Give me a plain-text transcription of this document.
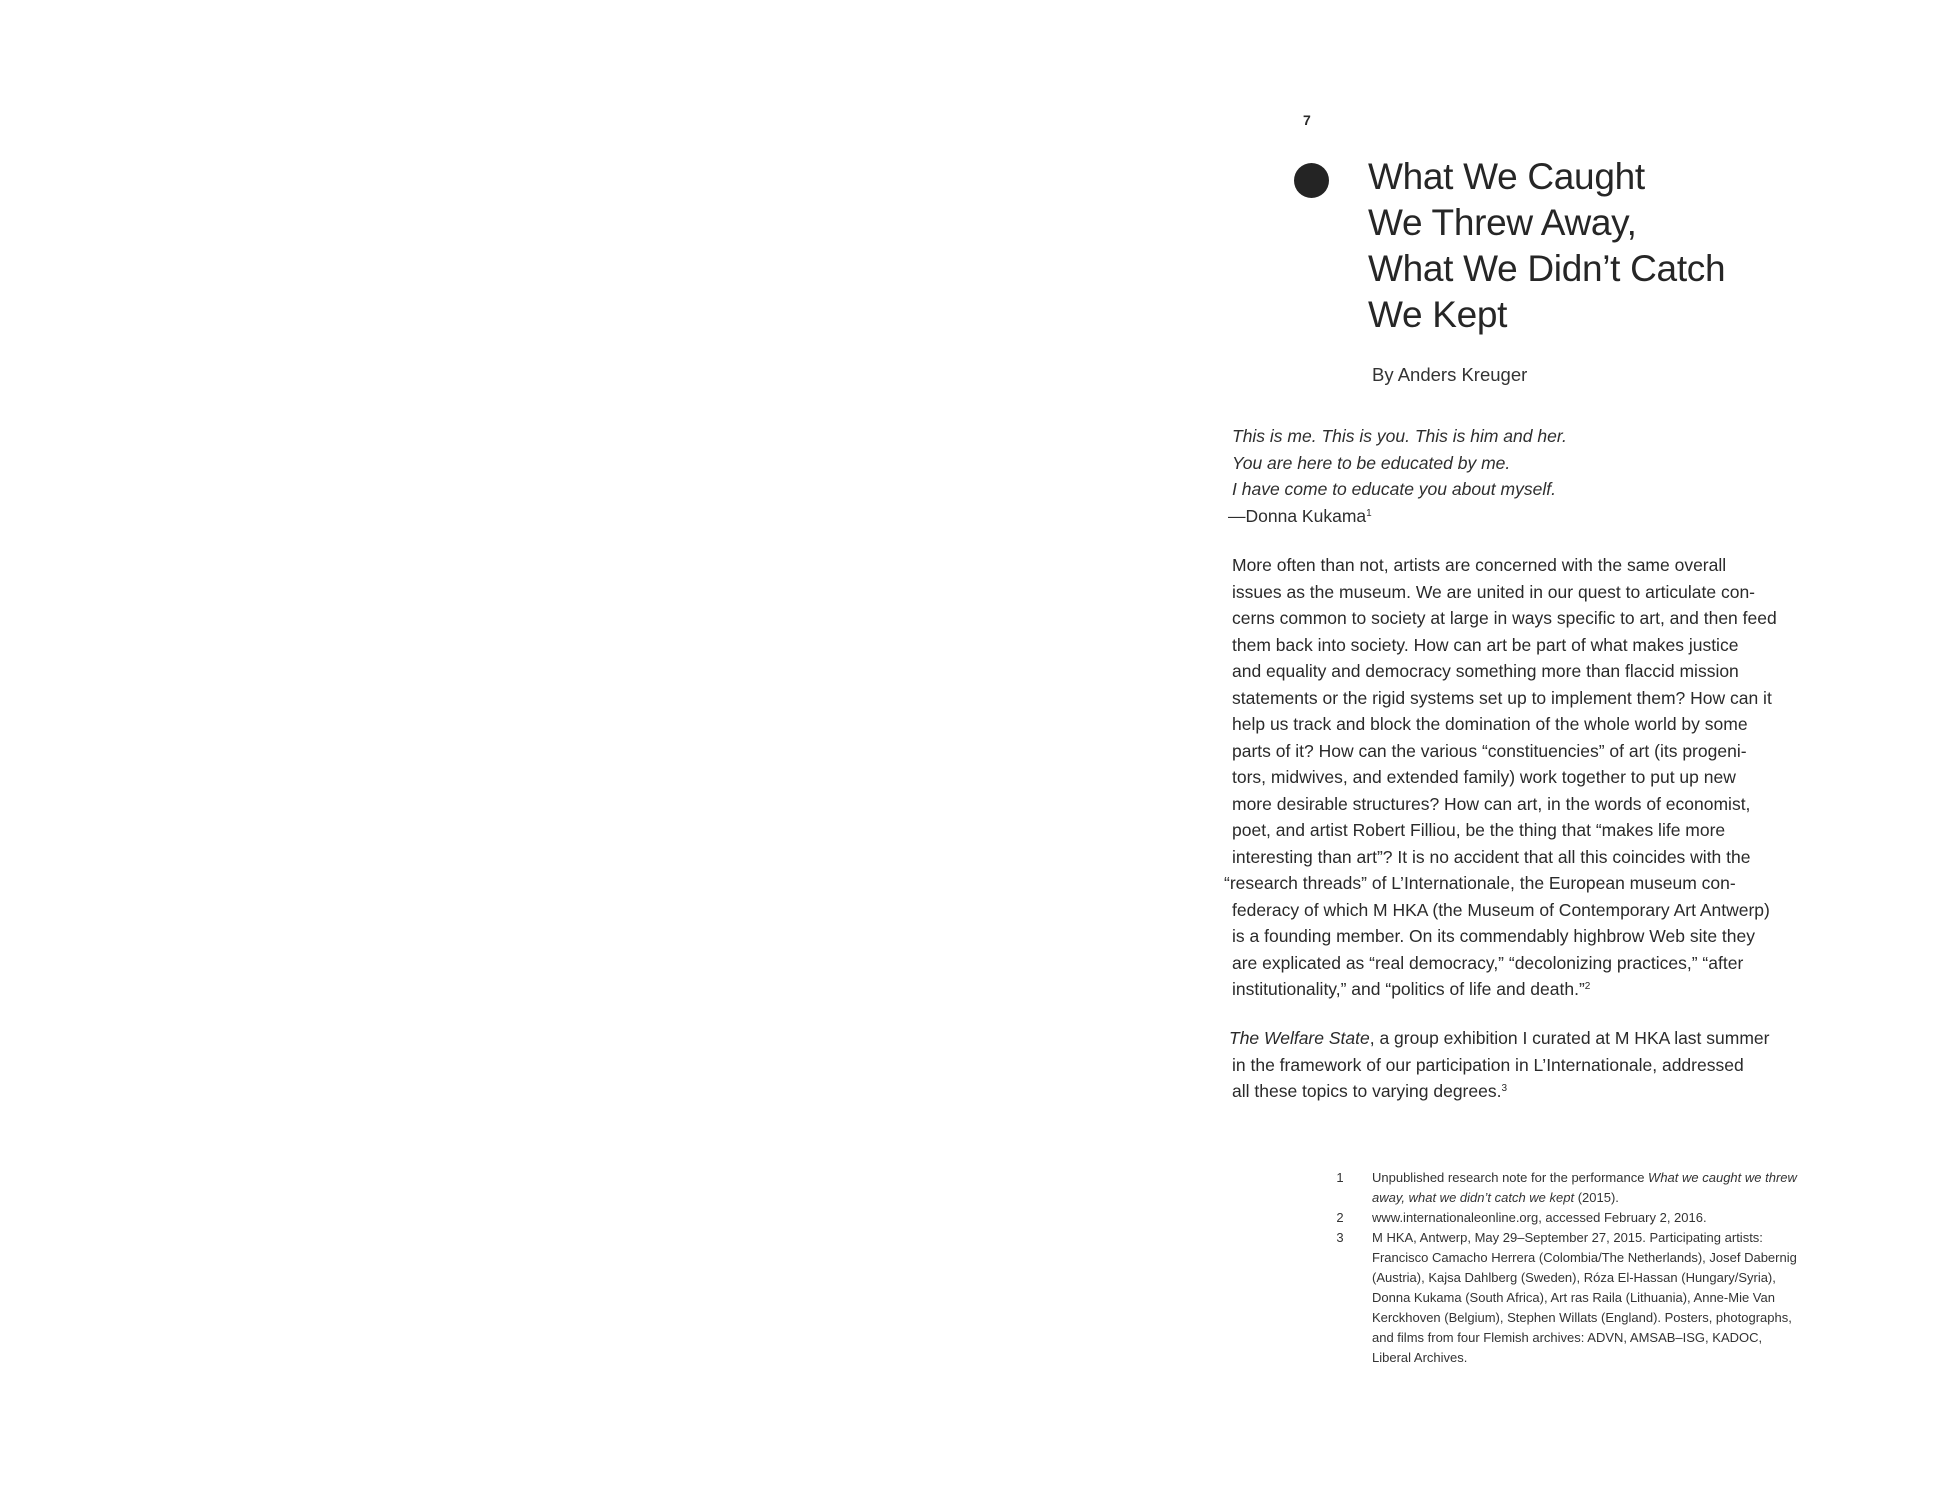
7
What We Caught
We Threw Away,
What We Didn’t Catch
We Kept
By Anders Kreuger
This is me. This is you. This is him and her.
You are here to be educated by me.
I have come to educate you about myself.
—Donna Kukama$^1$
More often than not, artists are concerned with the same overall
issues as the museum. We are united in our quest to articulate con-
cerns common to society at large in ways specific to art, and then feed
them back into society. How can art be part of what makes justice
and equality and democracy something more than flaccid mission
statements or the rigid systems set up to implement them? How can it
help us track and block the domination of the whole world by some
parts of it? How can the various “constituencies” of art (its progeni-
tors, midwives, and extended family) work together to put up new
more desirable structures? How can art, in the words of economist,
poet, and artist Robert Filliou, be the thing that “makes life more
interesting than art”? It is no accident that all this coincides with the
“research threads” of L’Internationale, the European museum con-
federacy of which M HKA (the Museum of Contemporary Art Antwerp)
is a founding member. On its commendably highbrow Web site they
are explicated as “real democracy,” “decolonizing practices,” “after
institutionality,” and “politics of life and death.”$^2$
The Welfare State, a group exhibition I curated at M HKA last summer
in the framework of our participation in L’Internationale, addressed
all these topics to varying degrees.$^3$
1	Unpublished research note for the performance What we caught we threw
away, what we didn’t catch we kept (2015).
2	www.internationaleonline.org, accessed February 2, 2016.
3	M HKA, Antwerp, May 29–September 27, 2015. Participating artists:
Francisco Camacho Herrera (Colombia/The Netherlands), Josef Dabernig
(Austria), Kajsa Dahlberg (Sweden), Róza El-Hassan (Hungary/Syria),
Donna Kukama (South Africa), Art ras Raila (Lithuania), Anne-Mie Van
Kerckhoven (Belgium), Stephen Willats (England). Posters, photographs,
and films from four Flemish archives: ADVN, AMSAB–ISG, KADOC,
Liberal Archives.
